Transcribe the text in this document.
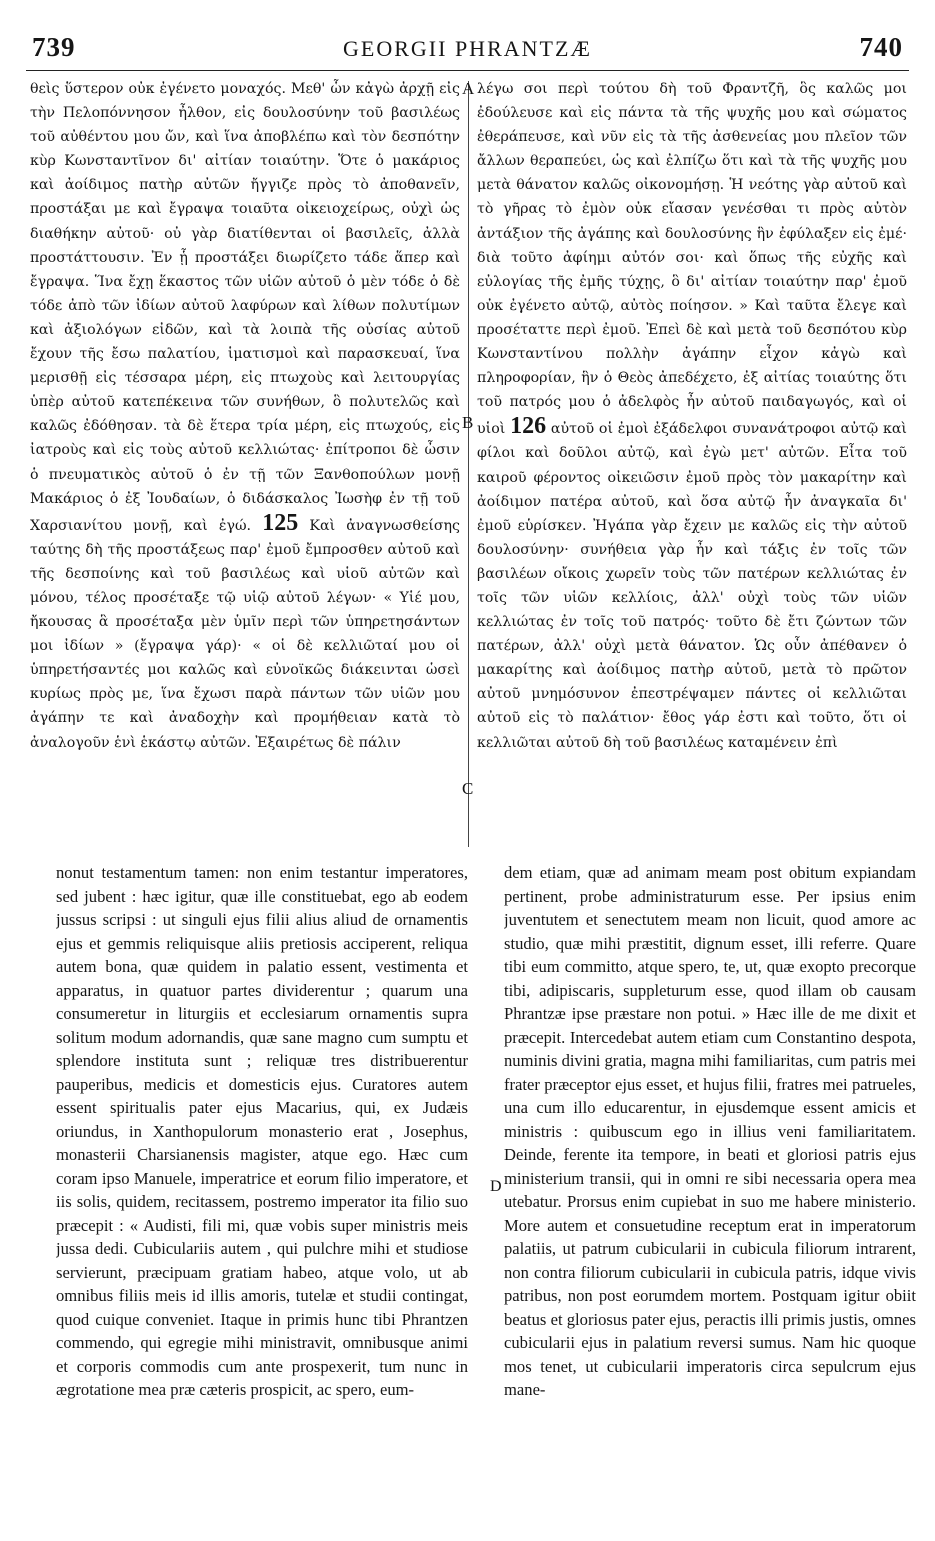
739	GEORGII PHRANTZÆ	740

θεὶς ὕστερον οὐκ ἐγένετο μοναχός. Μεθ' ὧν κἀγὼ ἀρχῇ εἰς τὴν Πελοπόννησον ἦλθον, εἰς δουλοσύνην τοῦ βασιλέως τοῦ αὐθέντου μου ὤν, καὶ ἵνα ἀποβλέπω καὶ τὸν δεσπότην κὺρ Κωνσταντῖνον δι' αἰτίαν τοιαύτην. Ὅτε ὁ μακάριος καὶ ἀοίδιμος πατὴρ αὐτῶν ἤγγιζε πρὸς τὸ ἀποθανεῖν, προστάξαι με καὶ ἔγραψα τοιαῦτα οἰκειοχείρως, οὐχὶ ὡς διαθήκην αὐτοῦ· οὐ γὰρ διατίθενται οἱ βασιλεῖς, ἀλλὰ προστάττουσιν. Ἐν ᾗ προστάξει διωρίζετο τάδε ἅπερ καὶ ἔγραψα. Ἵνα ἔχῃ ἕκαστος τῶν υἱῶν αὐτοῦ ὁ μὲν τόδε ὁ δὲ τόδε ἀπὸ τῶν ἰδίων αὐτοῦ λαφύρων καὶ λίθων πολυτίμων καὶ ἀξιολόγων εἰδῶν, καὶ τὰ λοιπὰ τῆς οὐσίας αὐτοῦ ἔχουν τῆς ἔσω παλατίου, ἱματισμοὶ καὶ παρασκευαί, ἵνα μερισθῇ εἰς τέσσαρα μέρη, εἰς πτωχοὺς καὶ λειτουργίας ὑπὲρ αὐτοῦ κατεπέκεινα τῶν συνήθων, ὃ πολυτελῶς καὶ καλῶς ἐδόθησαν. τὰ δὲ ἕτερα τρία μέρη, εἰς πτωχούς, εἰς ἰατροὺς καὶ εἰς τοὺς αὐτοῦ κελλιώτας· ἐπίτροποι δὲ ὦσιν ὁ πνευματικὸς αὐτοῦ ὁ ἐν τῇ τῶν Ξανθοπούλων μονῇ Μακάριος ὁ ἐξ Ἰουδαίων, ὁ διδάσκαλος Ἰωσὴφ ἐν τῇ τοῦ Χαρσιανίτου μονῇ, καὶ ἐγώ. 125 Καὶ ἀναγνωσθείσης ταύτης δὴ τῆς προστάξεως παρ' ἐμοῦ ἔμπροσθεν αὐτοῦ καὶ τῆς δεσποίνης καὶ τοῦ βασιλέως καὶ υἱοῦ αὐτῶν καὶ μόνου, τέλος προσέταξε τῷ υἱῷ αὐτοῦ λέγων· « Υἱέ μου, ἤκουσας ἃ προσέταξα μὲν ὑμῖν περὶ τῶν ὑπηρετησάντων μοι ἰδίων » (ἔγραψα γάρ)· « οἱ δὲ κελλιῶταί μου οἱ ὑπηρετήσαντές μοι καλῶς καὶ εὐνοϊκῶς διάκεινται ὡσεὶ κυρίως πρὸς με, ἵνα ἔχωσι παρὰ πάντων τῶν υἱῶν μου ἀγάπην τε καὶ ἀναδοχὴν καὶ προμήθειαν κατὰ τὸ ἀναλογοῦν ἑνὶ ἑκάστῳ αὐτῶν. Ἐξαιρέτως δὲ πάλιν

λέγω σοι περὶ τούτου δὴ τοῦ Φραντζῆ, ὃς καλῶς μοι ἐδούλευσε καὶ εἰς πάντα τὰ τῆς ψυχῆς μου καὶ σώματος ἐθεράπευσε, καὶ νῦν εἰς τὰ τῆς ἀσθενείας μου πλεῖον τῶν ἄλλων θεραπεύει, ὡς καὶ ἐλπίζω ὅτι καὶ τὰ τῆς ψυχῆς μου μετὰ θάνατον καλῶς οἰκονομήσῃ. Ἡ νεότης γὰρ αὐτοῦ καὶ τὸ γῆρας τὸ ἐμὸν οὐκ εἴασαν γενέσθαι τι πρὸς αὐτὸν ἀντάξιον τῆς ἀγάπης καὶ δουλοσύνης ἣν ἐφύλαξεν εἰς ἐμέ· διὰ τοῦτο ἀφίημι αὐτόν σοι· καὶ ὅπως τῆς εὐχῆς καὶ εὐλογίας τῆς ἐμῆς τύχῃς, ὃ δι' αἰτίαν τοιαύτην παρ' ἐμοῦ οὐκ ἐγένετο αὐτῷ, αὐτὸς ποίησον. » Καὶ ταῦτα ἔλεγε καὶ προσέταττε περὶ ἐμοῦ. Ἐπεὶ δὲ καὶ μετὰ τοῦ δεσπότου κὺρ Κωνσταντίνου πολλὴν ἀγάπην εἶχον κἀγὼ καὶ πληροφορίαν, ἣν ὁ Θεὸς ἀπεδέχετο, ἐξ αἰτίας τοιαύτης ὅτι τοῦ πατρός μου ὁ ἀδελφὸς ἦν αὐτοῦ παιδαγωγός, καὶ οἱ υἱοὶ 126 αὐτοῦ οἱ ἐμοὶ ἐξάδελφοι συνανάτροφοι αὐτῷ καὶ φίλοι καὶ δοῦλοι αὐτῷ, καὶ ἐγὼ μετ' αὐτῶν. Εἶτα τοῦ καιροῦ φέροντος οἰκειῶσιν ἐμοῦ πρὸς τὸν μακαρίτην καὶ ἀοίδιμον πατέρα αὐτοῦ, καὶ ὅσα αὐτῷ ἦν ἀναγκαῖα δι' ἐμοῦ εὑρίσκεν. Ἠγάπα γὰρ ἔχειν με καλῶς εἰς τὴν αὐτοῦ δουλοσύνην· συνήθεια γὰρ ἦν καὶ τάξις ἐν τοῖς τῶν βασιλέων οἴκοις χωρεῖν τοὺς τῶν πατέρων κελλιώτας ἐν τοῖς τῶν υἱῶν κελλίοις, ἀλλ' οὐχὶ τοὺς τῶν υἱῶν κελλιώτας ἐν τοῖς τοῦ πατρός· τοῦτο δὲ ἔτι ζώντων τῶν πατέρων, ἀλλ' οὐχὶ μετὰ θάνατον. Ὡς οὖν ἀπέθανεν ὁ μακαρίτης καὶ ἀοίδιμος πατὴρ αὐτοῦ, μετὰ τὸ πρῶτον αὐτοῦ μνημόσυνον ἐπεστρέψαμεν πάντες οἱ κελλιῶται αὐτοῦ εἰς τὸ παλάτιον· ἔθος γάρ ἐστι καὶ τοῦτο, ὅτι οἱ κελλιῶται αὐτοῦ δὴ τοῦ βασιλέως καταμένειν ἐπὶ

A
B
C

nonut testamentum tamen: non enim testantur imperatores, sed jubent : hæc igitur, quæ ille constituebat, ego ab eodem jussus scripsi : ut singuli ejus filii alius aliud de ornamentis ejus et gemmis reliquisque aliis pretiosis acciperent, reliqua autem bona, quæ quidem in palatio essent, vestimenta et apparatus, in quatuor partes dividerentur ; quarum una consumeretur in liturgiis et ecclesiarum ornamentis supra solitum modum adornandis, quæ sane magno cum sumptu et splendore instituta sunt ; reliquæ tres distribuerentur pauperibus, medicis et domesticis ejus. Curatores autem essent spiritualis pater ejus Macarius, qui, ex Judæis oriundus, in Xanthopulorum monasterio erat , Josephus, monasterii Charsianensis magister, atque ego. Hæc cum coram ipso Manuele, imperatrice et eorum filio imperatore, et iis solis, quidem, recitassem, postremo imperator ita filio suo præcepit : « Audisti, fili mi, quæ vobis super ministris meis jussa dedi. Cubiculariis autem , qui pulchre mihi et studiose servierunt, præcipuam gratiam habeo, atque volo, ut ab omnibus filiis meis id illis amoris, tutelæ et studii contingat, quod cuique conveniet. Itaque in primis hunc tibi Phrantzen commendo, qui egregie mihi ministravit, omnibusque animi et corporis commodis cum ante prospexerit, tum nunc in ægrotatione mea præ cæteris prospicit, ac spero, eum-

D

dem etiam, quæ ad animam meam post obitum expiandam pertinent, probe administraturum esse. Per ipsius enim juventutem et senectutem meam non licuit, quod amore ac studio, quæ mihi præstitit, dignum esset, illi referre. Quare tibi eum committo, atque spero, te, ut, quæ exopto precorque tibi, adipiscaris, suppleturum esse, quod illam ob causam Phrantzæ ipse præstare non potui. » Hæc ille de me dixit et præcepit. Intercedebat autem etiam cum Constantino despota, numinis divini gratia, magna mihi familiaritas, cum patris mei frater præceptor ejus esset, et hujus filii, fratres mei patrueles, una cum illo educarentur, in ejusdemque essent amicis et ministris : quibuscum ego in illius veni familiaritatem. Deinde, ferente ita tempore, in beati et gloriosi patris ejus ministerium transii, qui in omni re sibi necessaria opera mea utebatur. Prorsus enim cupiebat in suo me habere ministerio. More autem et consuetudine receptum erat in imperatorum palatiis, ut patrum cubicularii in cubicula filiorum intrarent, non contra filiorum cubicularii in cubicula patris, idque vivis patribus, non post eorumdem mortem. Postquam igitur obiit beatus et gloriosus pater ejus, peractis illi primis justis, omnes cubicularii ejus in palatium reversi sumus. Nam hic quoque mos tenet, ut cubicularii imperatoris circa sepulcrum ejus mane-
